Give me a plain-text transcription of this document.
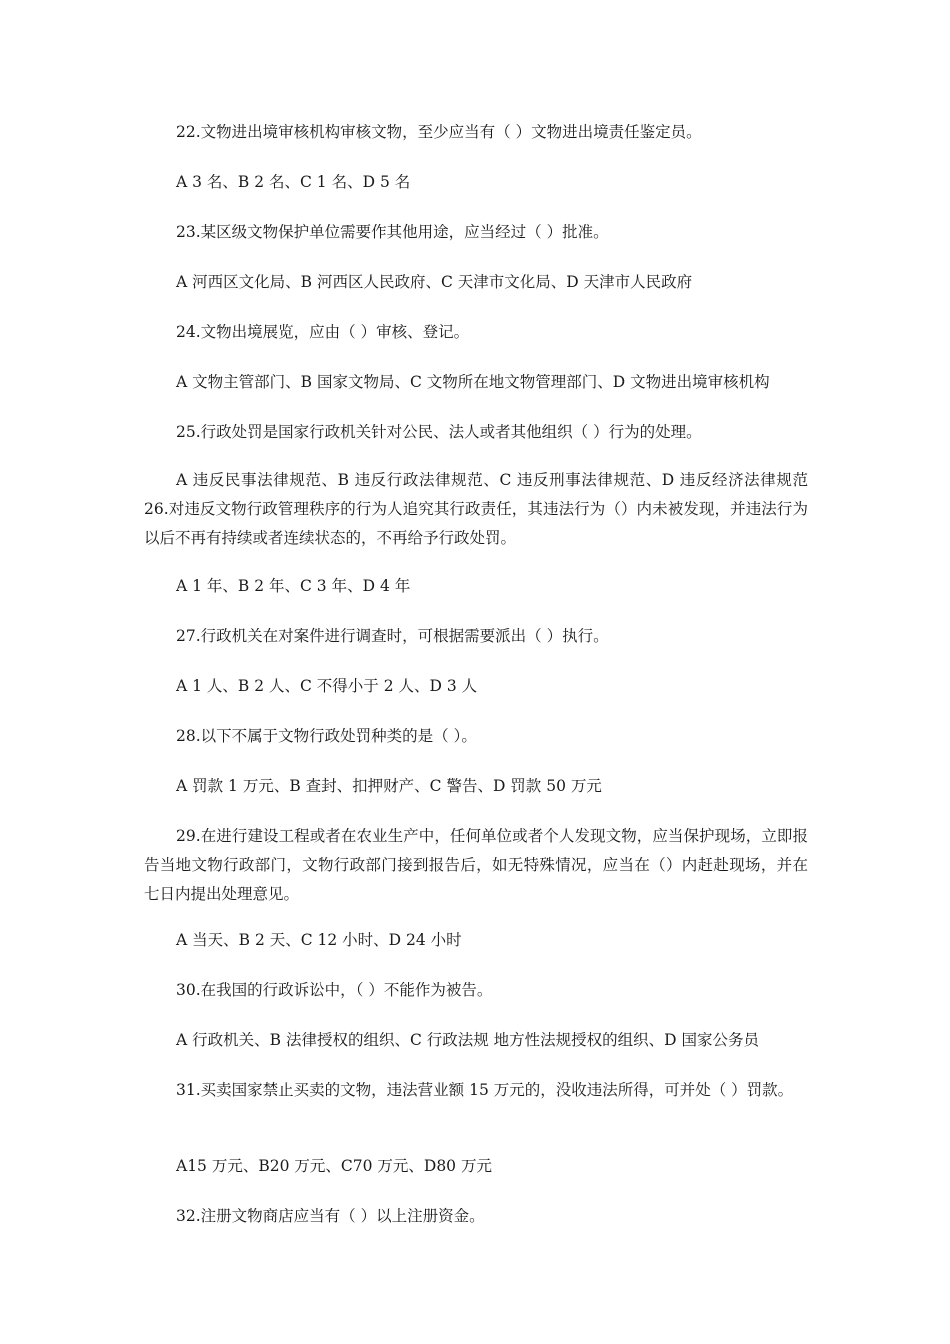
22.文物进出境审核机构审核文物，至少应当有（ ）文物进出境责任鉴定员。

A 3 名、B 2 名、C 1 名、D 5 名

23.某区级文物保护单位需要作其他用途，应当经过（ ）批准。

A 河西区文化局、B 河西区人民政府、C 天津市文化局、D 天津市人民政府

24.文物出境展览，应由（ ）审核、登记。

A 文物主管部门、B 国家文物局、C 文物所在地文物管理部门、D 文物进出境审核机构

25.行政处罚是国家行政机关针对公民、法人或者其他组织（ ）行为的处理。

A 违反民事法律规范、B 违反行政法律规范、C 违反刑事法律规范、D 违反经济法律规范 26.对违反文物行政管理秩序的行为人追究其行政责任，其违法行为（）内未被发现，并违法行为以后不再有持续或者连续状态的，不再给予行政处罚。

A 1 年、B 2 年、C 3 年、D 4 年

27.行政机关在对案件进行调查时，可根据需要派出（ ）执行。

A 1 人、B 2 人、C 不得小于 2 人、D 3 人

28.以下不属于文物行政处罚种类的是（ ）。

A 罚款 1 万元、B 查封、扣押财产、C 警告、D 罚款 50 万元

29.在进行建设工程或者在农业生产中，任何单位或者个人发现文物，应当保护现场，立即报告当地文物行政部门，文物行政部门接到报告后，如无特殊情况，应当在（）内赶赴现场，并在七日内提出处理意见。

A 当天、B 2 天、C 12 小时、D 24 小时

30.在我国的行政诉讼中，（ ）不能作为被告。

A 行政机关、B 法律授权的组织、C 行政法规 地方性法规授权的组织、D 国家公务员

31.买卖国家禁止买卖的文物，违法营业额 15 万元的，没收违法所得，可并处（ ）罚款。

A15 万元、B20 万元、C70 万元、D80 万元

32.注册文物商店应当有（ ）以上注册资金。
